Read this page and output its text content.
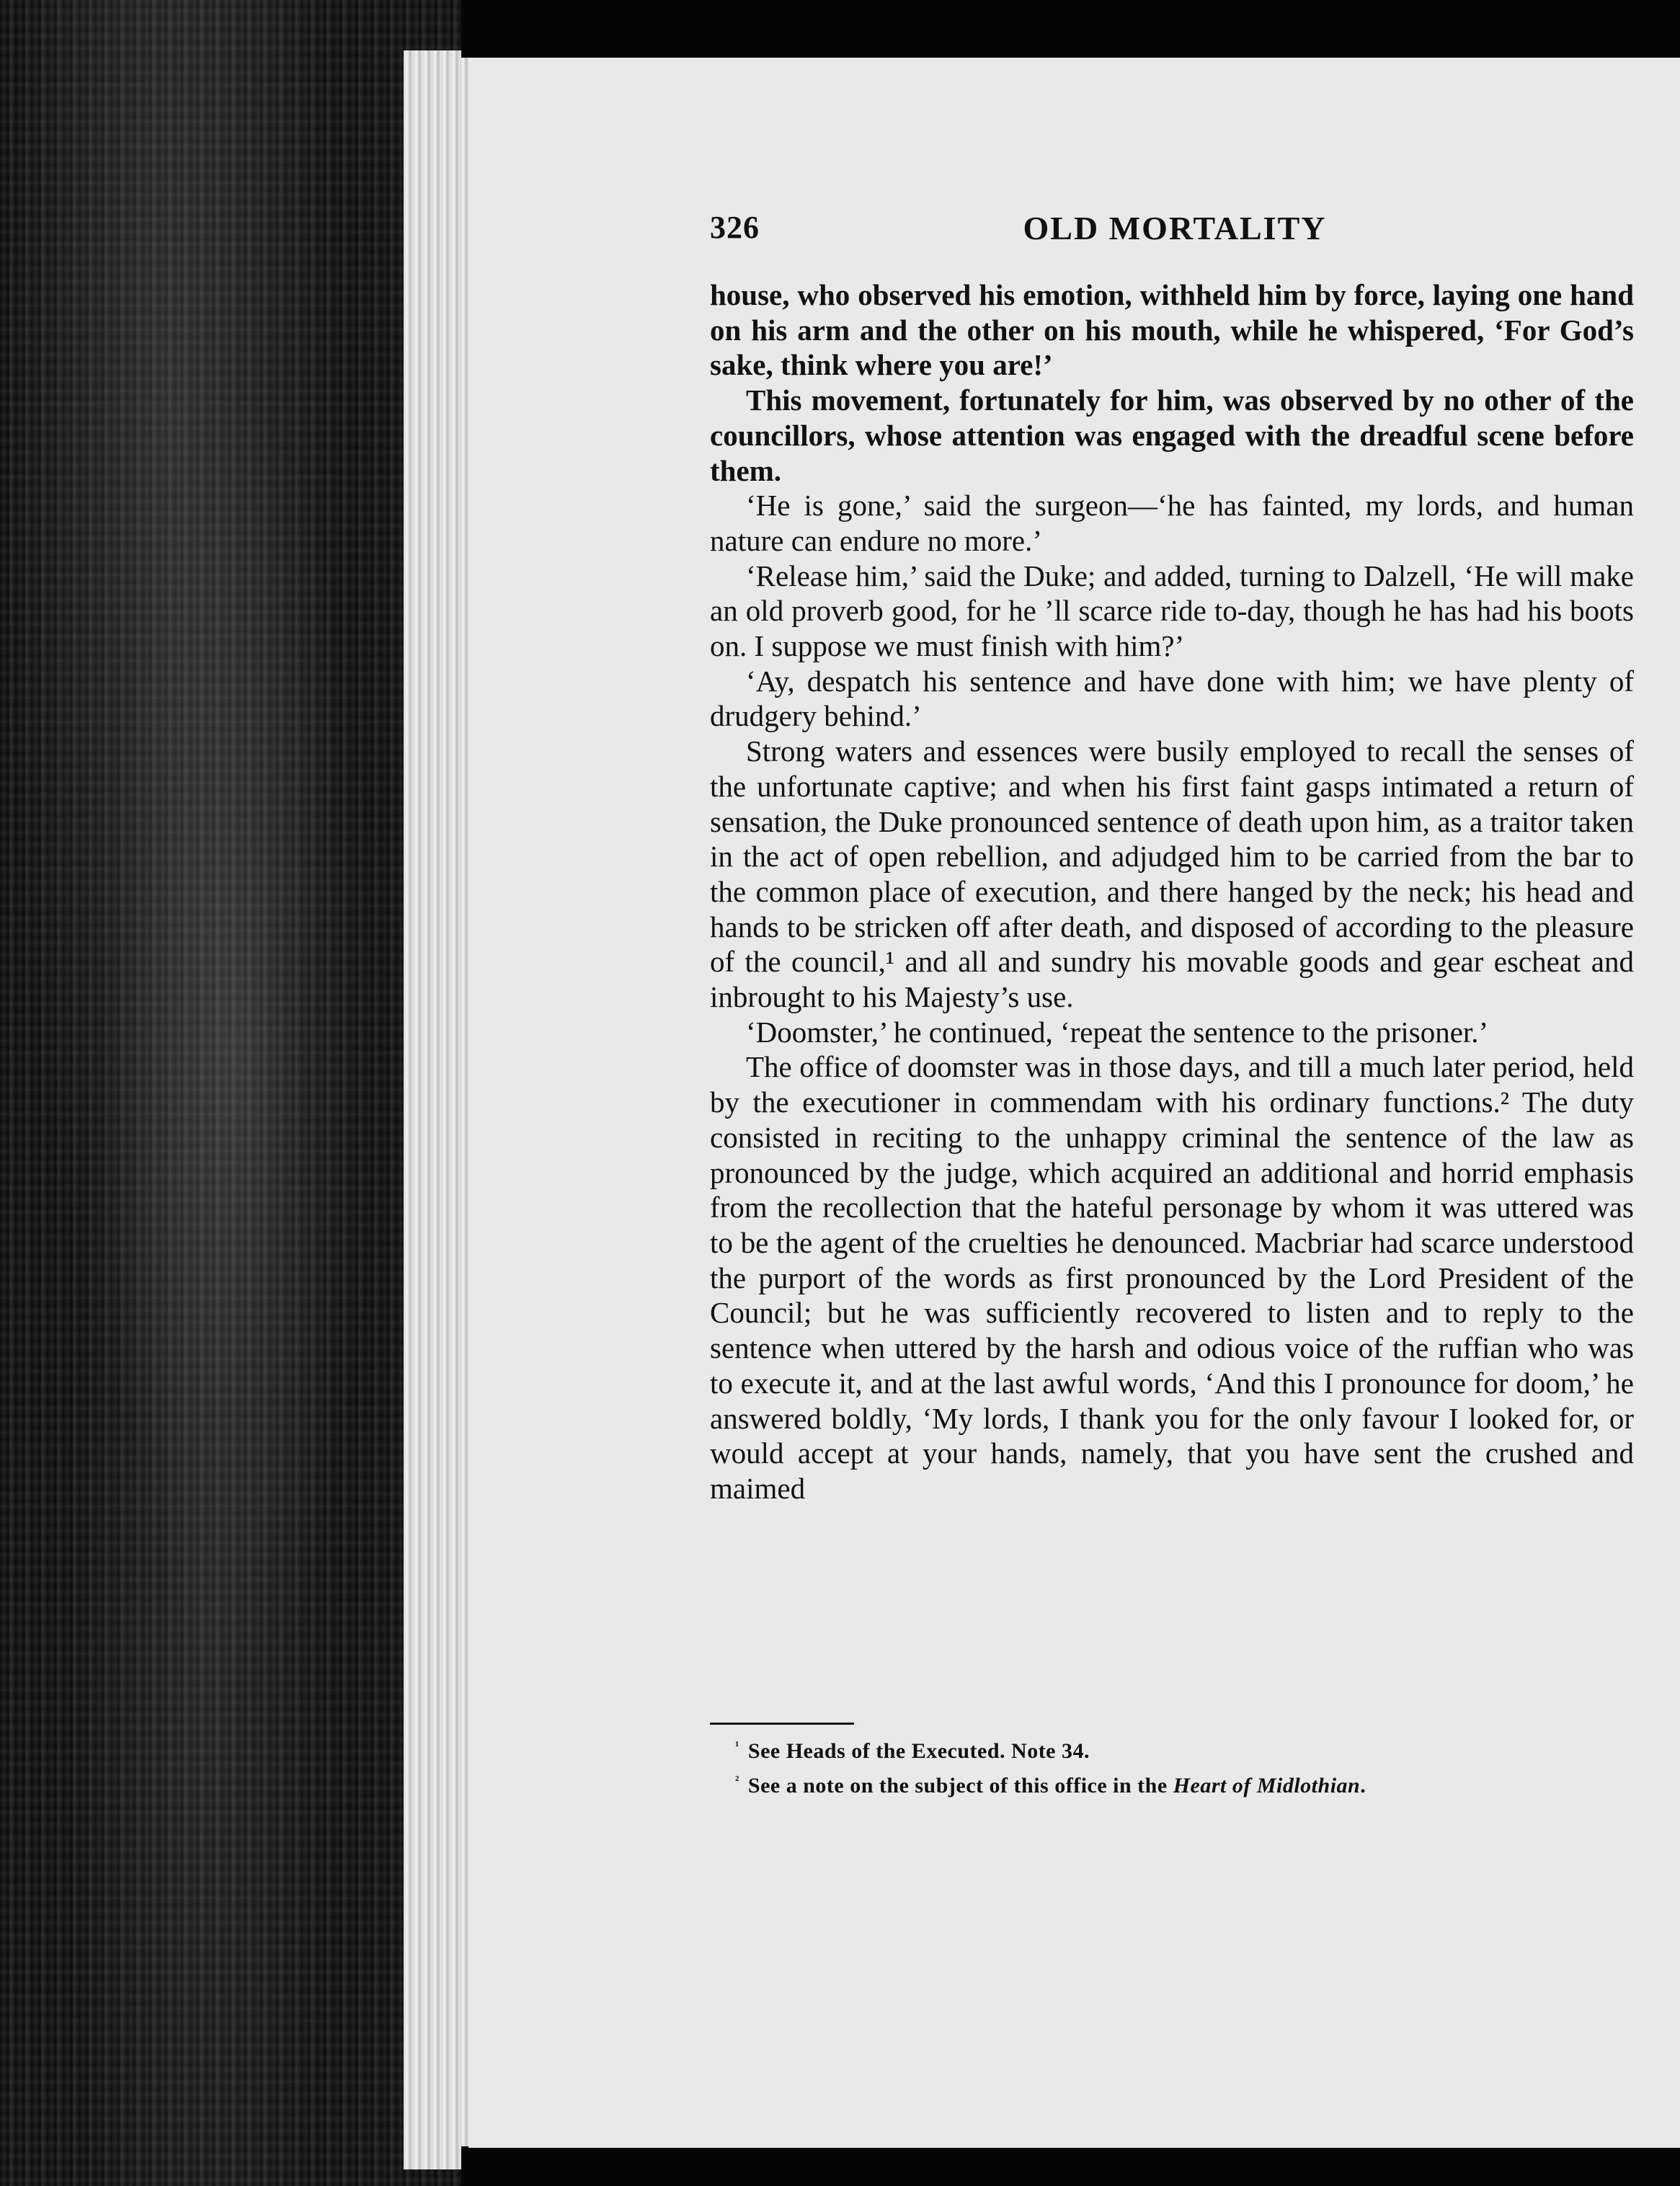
326	OLD MORTALITY

house, who observed his emotion, withheld him by force, laying one hand on his arm and the other on his mouth, while he whispered, ‘For God’s sake, think where you are!’

This movement, fortunately for him, was observed by no other of the councillors, whose attention was engaged with the dreadful scene before them.

‘He is gone,’ said the surgeon—‘he has fainted, my lords, and human nature can endure no more.’

‘Release him,’ said the Duke; and added, turning to Dalzell, ‘He will make an old proverb good, for he ’ll scarce ride to-day, though he has had his boots on. I suppose we must finish with him?’

‘Ay, despatch his sentence and have done with him; we have plenty of drudgery behind.’

Strong waters and essences were busily employed to recall the senses of the unfortunate captive; and when his first faint gasps intimated a return of sensation, the Duke pronounced sentence of death upon him, as a traitor taken in the act of open rebellion, and adjudged him to be carried from the bar to the common place of execution, and there hanged by the neck; his head and hands to be stricken off after death, and disposed of according to the pleasure of the council,¹ and all and sundry his movable goods and gear escheat and inbrought to his Majesty’s use.

‘Doomster,’ he continued, ‘repeat the sentence to the prisoner.’

The office of doomster was in those days, and till a much later period, held by the executioner in commendam with his ordinary functions.² The duty consisted in reciting to the unhappy criminal the sentence of the law as pronounced by the judge, which acquired an additional and horrid emphasis from the recollection that the hateful personage by whom it was uttered was to be the agent of the cruelties he denounced. Macbriar had scarce understood the purport of the words as first pronounced by the Lord President of the Council; but he was sufficiently recovered to listen and to reply to the sentence when uttered by the harsh and odious voice of the ruffian who was to execute it, and at the last awful words, ‘And this I pronounce for doom,’ he answered boldly, ‘My lords, I thank you for the only favour I looked for, or would accept at your hands, namely, that you have sent the crushed and maimed

$^{^1}$ See Heads of the Executed. Note 34.

$^{^2}$ See a note on the subject of this office in the Heart of Midlothian.
